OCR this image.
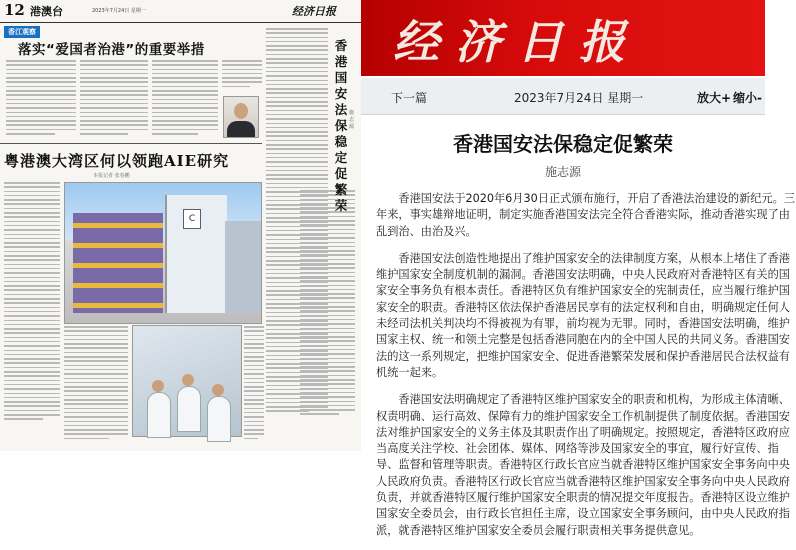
12 港澳台	2023年7月24日 星期一	经济日报
香江观察
落实“爱国者治港”的重要举措
粤港澳大湾区何以领跑AIE研究
本报记者 张春鹏
C
香
港
国
安
法
保
稳
定
促
繁
荣
施志源
经济日报
下一篇	2023年7月24日 星期一	放大+ 缩小-
香港国安法保稳定促繁荣
施志源

香港国安法于2020年6月30日正式颁布施行，开启了香港法治建设的新纪元。三年来，事实雄辩地证明，制定实施香港国安法完全符合香港实际，推动香港实现了由乱到治、由治及兴。

香港国安法创造性地提出了维护国家安全的法律制度方案，从根本上堵住了香港维护国家安全制度机制的漏洞。香港国安法明确，中央人民政府对香港特区有关的国家安全事务负有根本责任。香港特区负有维护国家安全的宪制责任，应当履行维护国家安全的职责。香港特区依法保护香港居民享有的法定权利和自由，明确规定任何人未经司法机关判决均不得被视为有罪，前均视为无罪。同时，香港国安法明确，维护国家主权、统一和领土完整是包括香港同胞在内的全中国人民的共同义务。香港国安法的这一系列规定，把维护国家安全、促进香港繁荣发展和保护香港居民合法权益有机统一起来。

香港国安法明确规定了香港特区维护国家安全的职责和机构，为形成主体清晰、权责明确、运行高效、保障有力的维护国家安全工作机制提供了制度依据。香港国安法对维护国家安全的义务主体及其职责作出了明确规定。按照规定，香港特区政府应当高度关注学校、社会团体、媒体、网络等涉及国家安全的事宜，履行好宣传、指导、监督和管理等职责。香港特区行政长官应当就香港特区维护国家安全事务向中央人民政府负责。香港特区行政长官应当就香港特区维护国家安全事务向中央人民政府负责，并就香港特区履行维护国家安全职责的情况提交年度报告。香港特区设立维护国家安全委员会，由行政长官担任主席，设立国家安全事务顾问，由中央人民政府指派，就香港特区维护国家安全委员会履行职责相关事务提供意见。
